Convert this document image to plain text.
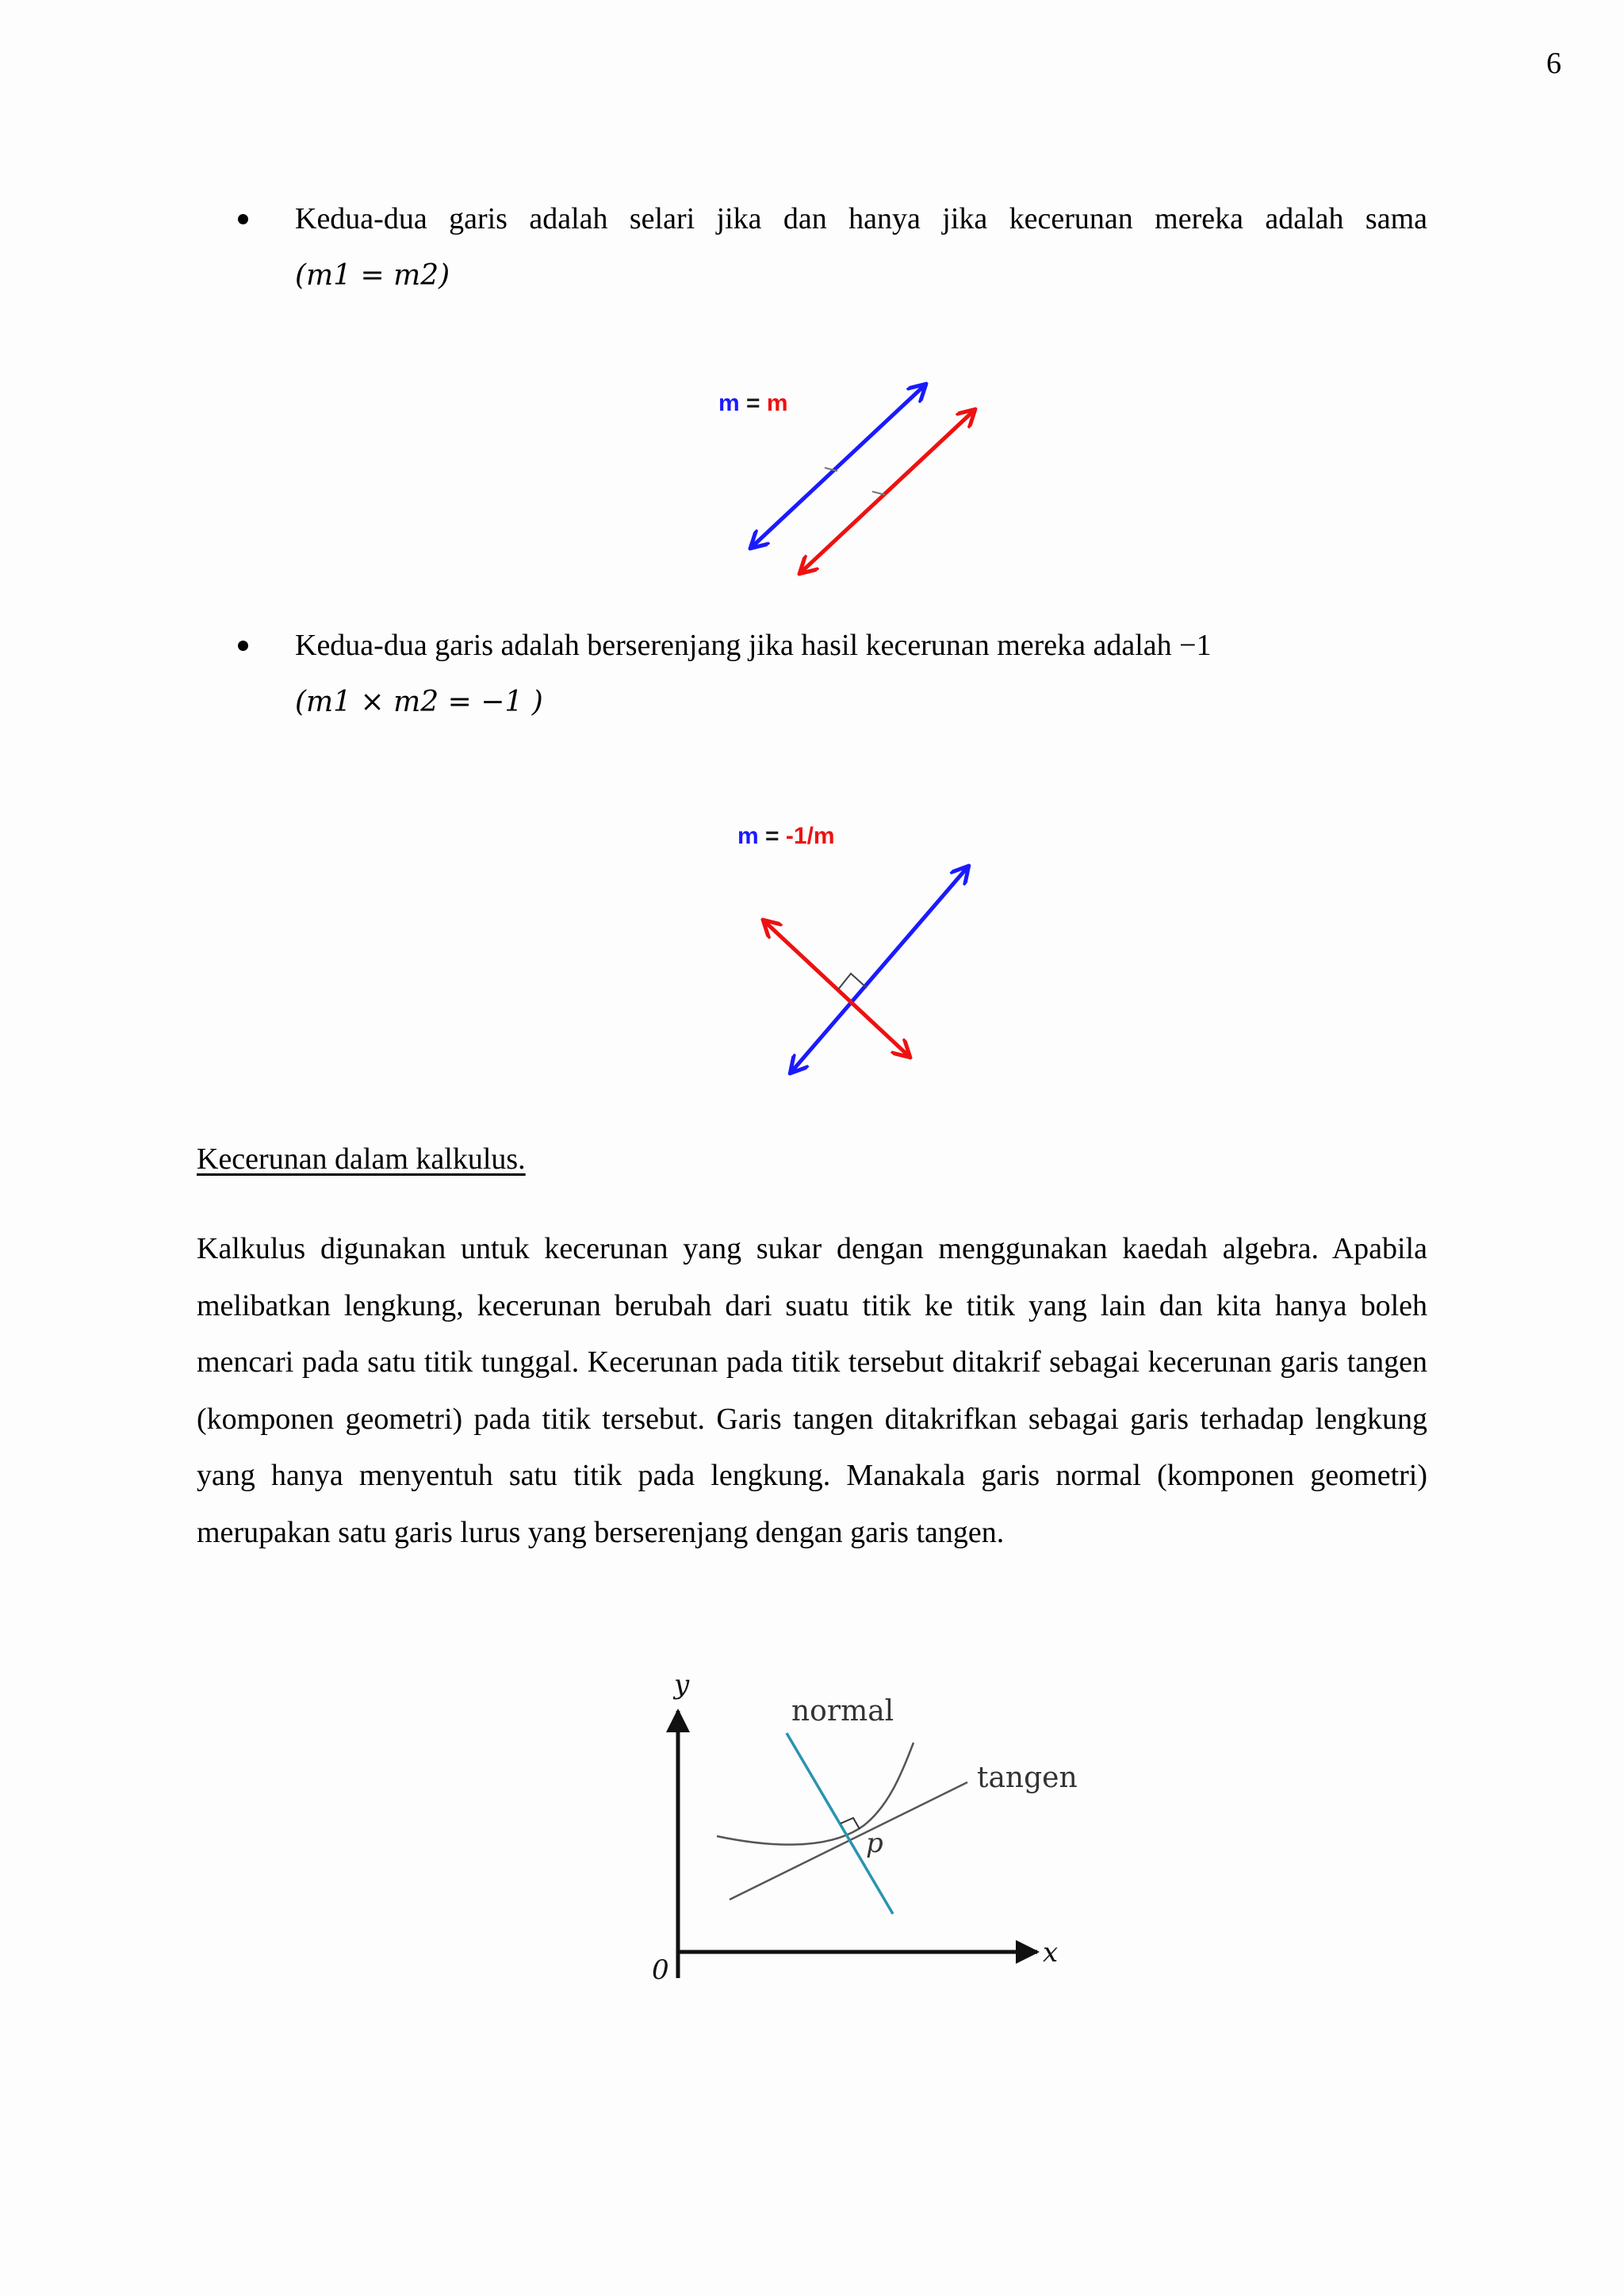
6
Kedua-dua garis adalah selari jika dan hanya jika kecerunan mereka adalah sama
(m1 = m2)
m = m
Kedua-dua garis adalah berserenjang jika hasil kecerunan mereka adalah −1
(m1 × m2 = −1 )
m = -1/m
Kecerunan dalam kalkulus.
Kalkulus digunakan untuk kecerunan yang sukar dengan menggunakan kaedah algebra. Apabila melibatkan lengkung, kecerunan berubah dari suatu titik ke titik yang lain dan kita hanya boleh mencari pada satu titik tunggal. Kecerunan pada titik tersebut ditakrif sebagai kecerunan garis tangen (komponen geometri) pada titik tersebut. Garis tangen ditakrifkan sebagai garis terhadap lengkung yang hanya menyentuh satu titik pada lengkung. Manakala garis normal (komponen geometri) merupakan satu garis lurus yang berserenjang dengan garis tangen.
y
x
0
normal
tangen
p
